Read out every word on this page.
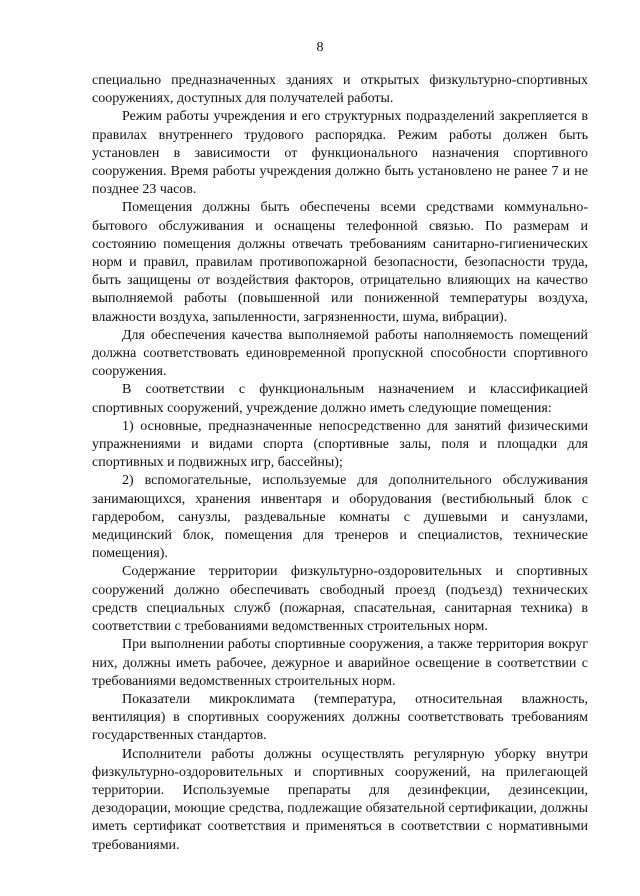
8

специально предназначенных зданиях и открытых физкультурно-спортивных сооружениях, доступных для получателей работы.

Режим работы учреждения и его структурных подразделений закрепляется в правилах внутреннего трудового распорядка. Режим работы должен быть установлен в зависимости от функционального назначения спортивного сооружения. Время работы учреждения должно быть установлено не ранее 7 и не позднее 23 часов.

Помещения должны быть обеспечены всеми средствами коммунально-бытового обслуживания и оснащены телефонной связью. По размерам и состоянию помещения должны отвечать требованиям санитарно-гигиенических норм и правил, правилам противопожарной безопасности, безопасности труда, быть защищены от воздействия факторов, отрицательно влияющих на качество выполняемой работы (повышенной или пониженной температуры воздуха, влажности воздуха, запыленности, загрязненности, шума, вибрации).

Для обеспечения качества выполняемой работы наполняемость помещений должна соответствовать единовременной пропускной способности спортивного сооружения.

В соответствии с функциональным назначением и классификацией спортивных сооружений, учреждение должно иметь следующие помещения:

1) основные, предназначенные непосредственно для занятий физическими упражнениями и видами спорта (спортивные залы, поля и площадки для спортивных и подвижных игр, бассейны);

2) вспомогательные, используемые для дополнительного обслуживания занимающихся, хранения инвентаря и оборудования (вестибюльный блок с гардеробом, санузлы, раздевальные комнаты с душевыми и санузлами, медицинский блок, помещения для тренеров и специалистов, технические помещения).

Содержание территории физкультурно-оздоровительных и спортивных сооружений должно обеспечивать свободный проезд (подъезд) технических средств специальных служб (пожарная, спасательная, санитарная техника) в соответствии с требованиями ведомственных строительных норм.

При выполнении работы спортивные сооружения, а также территория вокруг них, должны иметь рабочее, дежурное и аварийное освещение в соответствии с требованиями ведомственных строительных норм.

Показатели микроклимата (температура, относительная влажность, вентиляция) в спортивных сооружениях должны соответствовать требованиям государственных стандартов.

Исполнители работы должны осуществлять регулярную уборку внутри физкультурно-оздоровительных и спортивных сооружений, на прилегающей территории. Используемые препараты для дезинфекции, дезинсекции, дезодорации, моющие средства, подлежащие обязательной сертификации, должны иметь сертификат соответствия и применяться в соответствии с нормативными требованиями.
